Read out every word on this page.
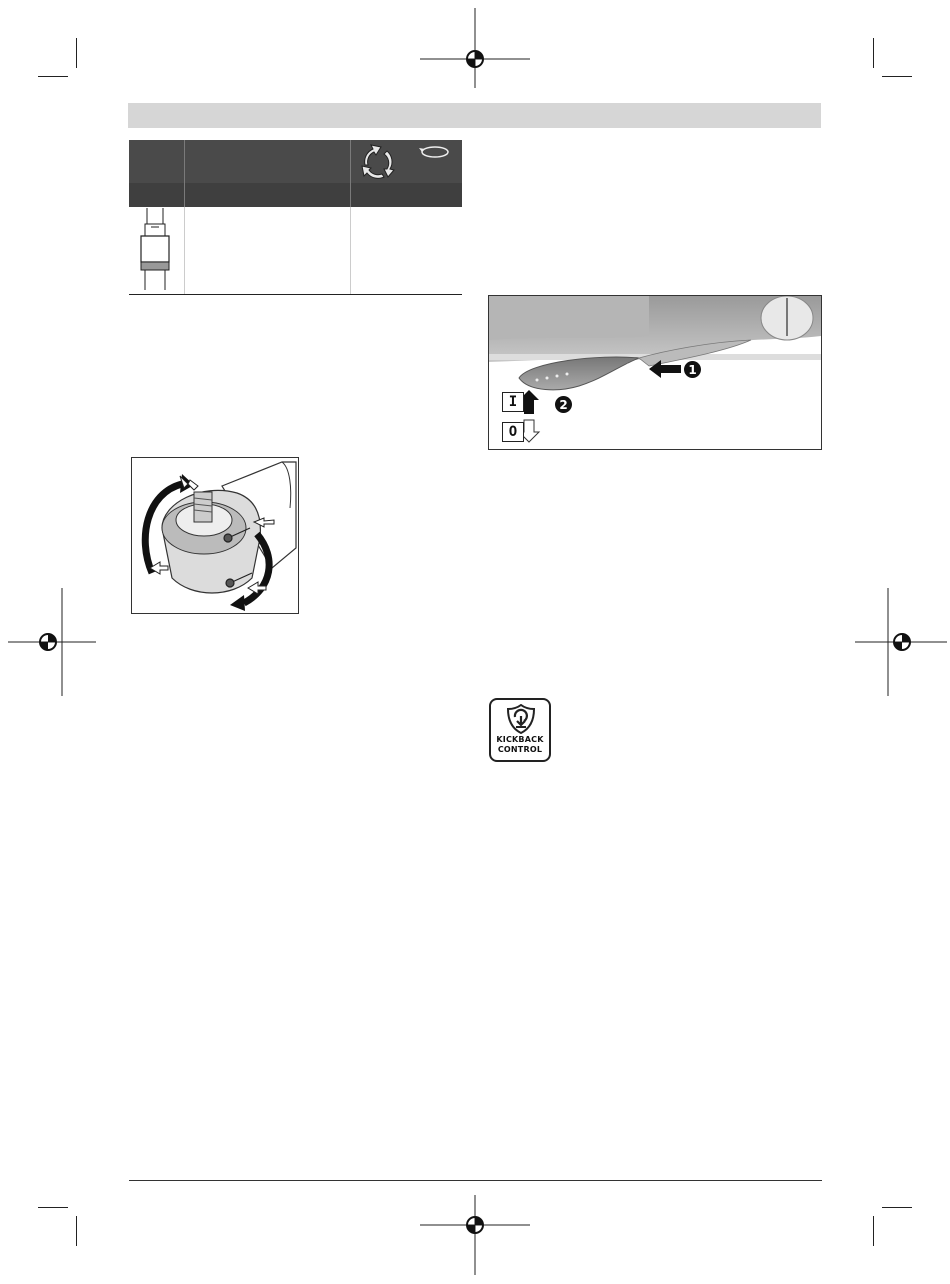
1
2
I
O
KICKBACK
CONTROL
